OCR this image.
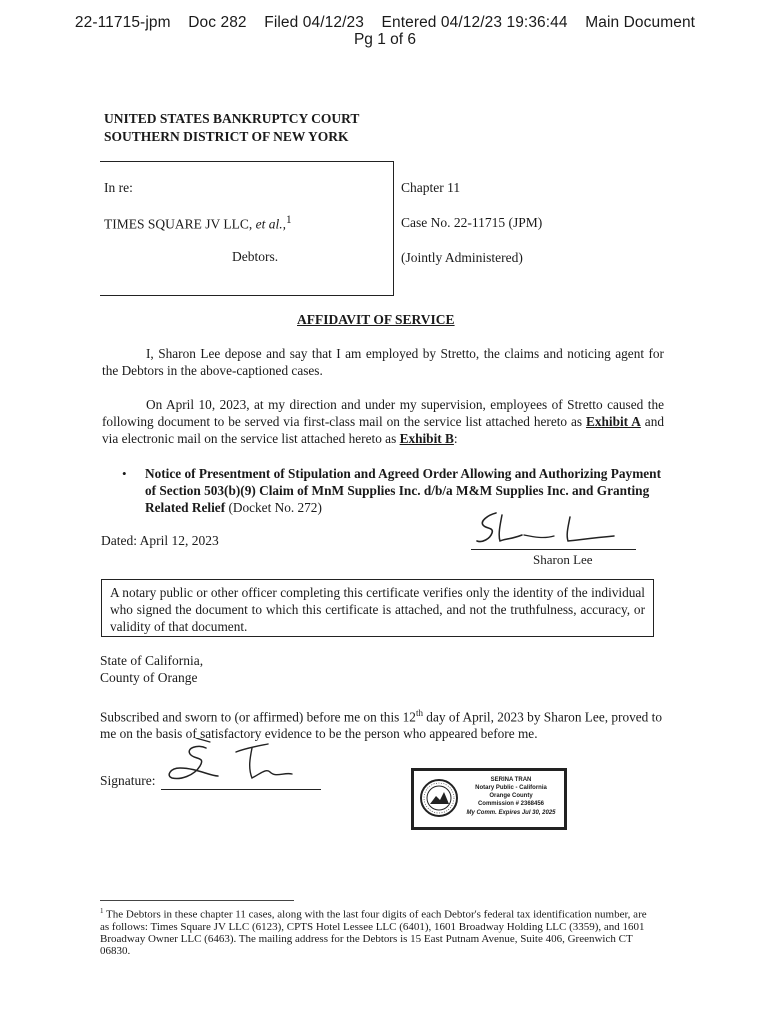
22-11715-jpm    Doc 282    Filed 04/12/23    Entered 04/12/23 19:36:44    Main Document
Pg 1 of 6
UNITED STATES BANKRUPTCY COURT
SOUTHERN DISTRICT OF NEW YORK
In re:
TIMES SQUARE JV LLC, et al.,$^1$
Debtors.
Chapter 11
Case No. 22-11715 (JPM)
(Jointly Administered)
AFFIDAVIT OF SERVICE
I, Sharon Lee depose and say that I am employed by Stretto, the claims and noticing agent for the Debtors in the above-captioned cases.
On April 10, 2023, at my direction and under my supervision, employees of Stretto caused the following document to be served via first-class mail on the service list attached hereto as Exhibit A and via electronic mail on the service list attached hereto as Exhibit B:
• Notice of Presentment of Stipulation and Agreed Order Allowing and Authorizing Payment of Section 503(b)(9) Claim of MnM Supplies Inc. d/b/a M&M Supplies Inc. and Granting Related Relief (Docket No. 272)
Dated: April 12, 2023
Sharon Lee
A notary public or other officer completing this certificate verifies only the identity of the individual who signed the document to which this certificate is attached, and not the truthfulness, accuracy, or validity of that document.
State of California,
County of Orange
Subscribed and sworn to (or affirmed) before me on this 12th day of April, 2023 by Sharon Lee, proved to me on the basis of satisfactory evidence to be the person who appeared before me.
Signature:	SERINA TRAN
Notary Public - California
Orange County
Commission # 2368456
My Comm. Expires Jul 30, 2025
$^1$ The Debtors in these chapter 11 cases, along with the last four digits of each Debtor's federal tax identification number, are as follows: Times Square JV LLC (6123), CPTS Hotel Lessee LLC (6401), 1601 Broadway Holding LLC (3359), and 1601 Broadway Owner LLC (6463). The mailing address for the Debtors is 15 East Putnam Avenue, Suite 406, Greenwich CT 06830.
